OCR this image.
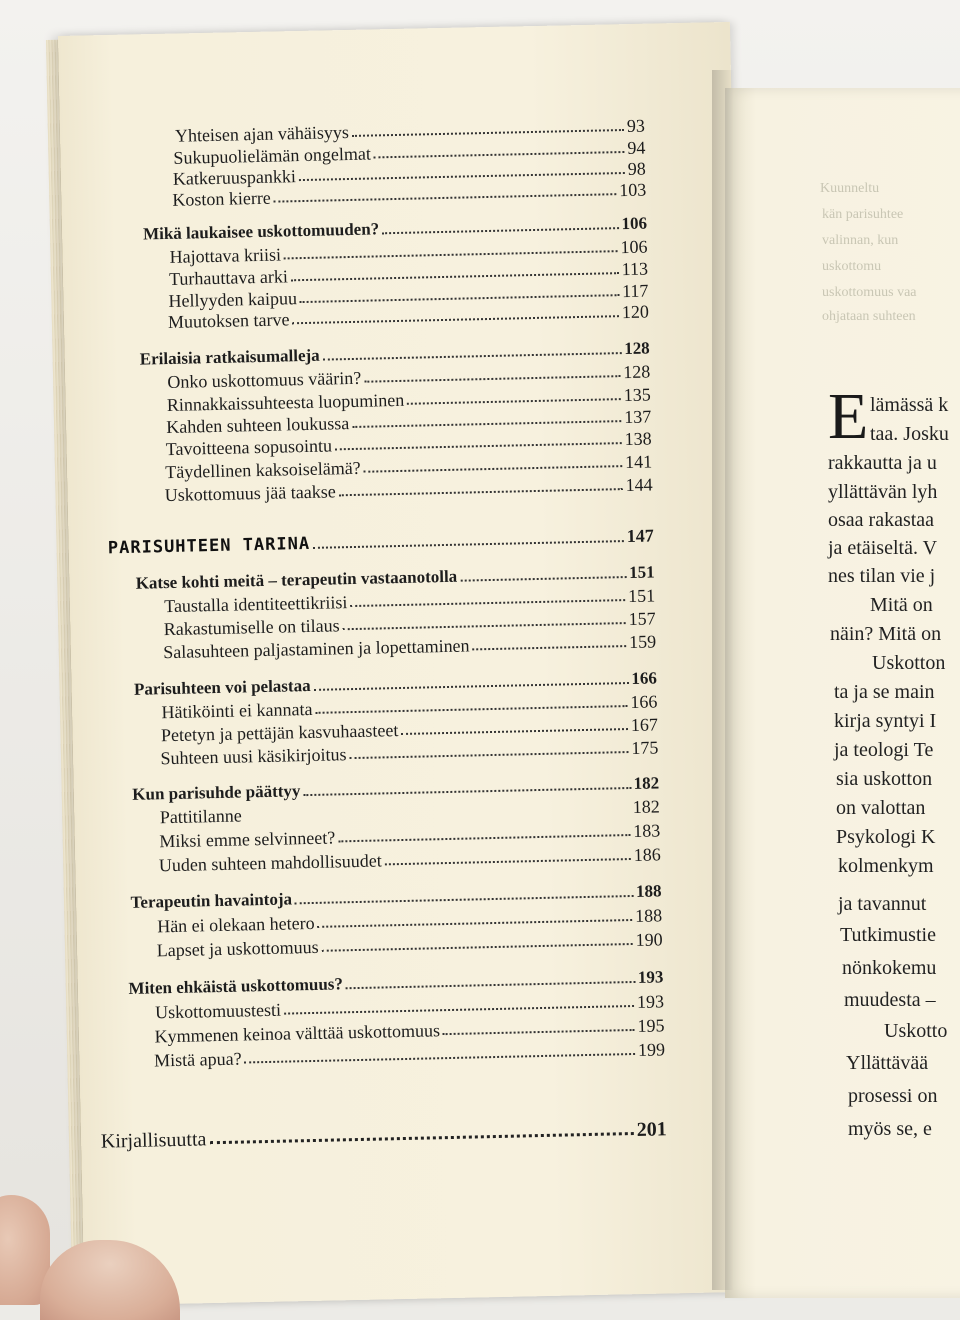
Yhteisen ajan vähäisyys	93
Sukupuolielämän ongelmat	94
Katkeruuspankki	98
Koston kierre	103
Mikä laukaisee uskottomuuden?	106
Hajottava kriisi	106
Turhauttava arki	113
Hellyyden kaipuu	117
Muutoksen tarve	120
Erilaisia ratkaisumalleja	128
Onko uskottomuus väärin?	128
Rinnakkaissuhteesta luopuminen	135
Kahden suhteen loukussa	137
Tavoitteena sopusointu	138
Täydellinen kaksoiselämä?	141
Uskottomuus jää taakse	144
PARISUHTEEN TARINA	147
Katse kohti meitä – terapeutin vastaanotolla	151
Taustalla identiteettikriisi	151
Rakastumiselle on tilaus	157
Salasuhteen paljastaminen ja lopettaminen	159
Parisuhteen voi pelastaa	166
Hätiköinti ei kannata	166
Petetyn ja pettäjän kasvuhaasteet	167
Suhteen uusi käsikirjoitus	175
Kun parisuhde päättyy	182
Pattitilanne	182
Miksi emme selvinneet?	183
Uuden suhteen mahdollisuudet	186
Terapeutin havaintoja	188
Hän ei olekaan hetero	188
Lapset ja uskottomuus	190
Miten ehkäistä uskottomuus?	193
Uskottomuustesti	193
Kymmenen keinoa välttää uskottomuus	195
Mistä apua?	199
Kirjallisuutta	201
Kuunneltu
kän parisuhtee
valinnan, kun
uskottomu
uskottomuus vaa
ohjataan suhteen
E lämässä k
taa. Josku
rakkautta ja u
yllättävän lyh
osaa rakastaa
ja etäiseltä. V
nes tilan vie j
Mitä on
näin? Mitä on
Uskotton
ta ja se main
kirja syntyi I
ja teologi Te
sia uskotton
on valottan
Psykologi K
kolmenkym
ja tavannut
Tutkimustie
nönkokemu
muudesta –
Uskotto
Yllättävää
prosessi on
myös se, e
